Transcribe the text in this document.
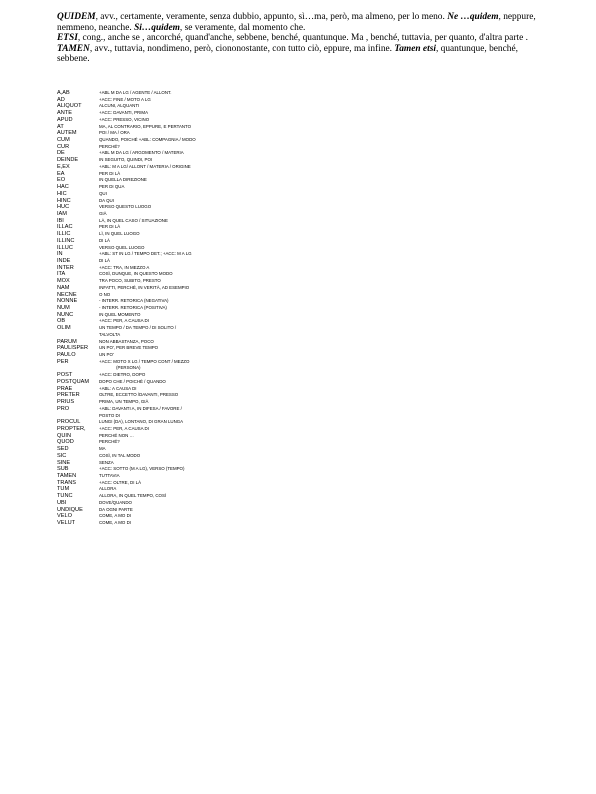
QUIDEM, avv., certamente, veramente, senza dubbio, appunto, sì…ma, però, ma almeno, per lo meno. Ne …quidem, neppure, nemmeno, neanche. Si…quidem, se veramente, dal momento che.

ETSI, cong., anche se , ancorché, quand'anche, sebbene, benché, quantunque. Ma , benché, tuttavia, per quanto, d'altra parte .

TAMEN, avv., tuttavia, nondimeno, però, ciononostante, con tutto ciò, eppure, ma infine. Tamen etsi, quantunque, benché, sebbene.

A,AB	+ABL M DA LG / AGENTE / ALLONT.
AD	+ACC: FINE / MOTO A LG
ALIQUOT	ALCUNI, ALQUANTI
ANTE	+ACC: DAVANTI, PRIMA
APUD	+ACC: PRESSO, VICINO
AT	MA, AL CONTRARIO, EPPURE, E PERTANTO
AUTEM	POI / MA / ORA
CUM	QUANDO, POICHÉ +ABL: COMPAGNIA / MODO
CUR	PERCHÉ?
DE	+ABL M DA LG / ARGOMENTO / MATERIA
DEINDE	IN SEGUITO, QUINDI, POI
E,EX	+ABL: M A LG/ ALLONT / MATERIA / ORIGINE
EA	PER DI LÀ
EO	IN QUELLA DIREZIONE
HAC	PER DI QUA
HIC	QUI
HINC	DA QUI
HUC	VERSO QUESTO LUOGO
IAM	GIÀ
IBI	LÀ, IN QUEL CASO / SITUAZIONE
ILLAC	PER DI LÀ
ILLIC	LÌ, IN QUEL LUOGO
ILLINC	DI LÀ
ILLUC	VERSO QUEL LUOGO
IN	+ABL: ST IN LG / TEMPO DET.; +ACC: M A LG
INDE	DI LÀ
INTER	+ACC: TRA, IN MEZZO A
ITA	COSÌ, DUNQUE, IN QUESTO MODO
MOX	TRA POCO, SUBITO, PRESTO
NAM	INFATTI, PERCHÉ, IN VERITÀ, AD ESEMPIO
NECNE	O NO
NONNE	- INTERR. RETORICA (NEGATIVA)
NUM	- INTERR. RETORICA (POSITIVA)
NUNC	IN QUEL MOMENTO
OB	+ACC: PER, A CAUSA DI
OLIM	UN TEMPO / DA TEMPO / DI SOLITO /
TALVOLTA
PARUM	NON ABBASTANZA, POCO
PAULISPER	UN PO', PER BREVE TEMPO
PAULO	UN PO'
PER	+ACC: MOTO X LG / TEMPO CONT / MEZZO
(PERSONA)
POST	+ACC: DIETRO, DOPO
POSTQUAM	DOPO CHE / POICHÉ / QUANDO
PRAE	+ABL: A CAUSA DI
PRETER	OLTRE, ECCETTO /DAVANTI, PRESSO
PRIUS	PRIMA, UN TEMPO, GIÀ
PRO	+ABL: DAVANTI A, IN DIFESA / FAVORE /
POSTO DI
PROCUL	LUNGI (DA), LONTANO, DI GRAN LUNGA
PROPTER,	+ACC: PER, A CAUSA DI
QUIN	PERCHÉ NON …
QUOD	PERCHÉ?
SED	MA
SIC	COSÌ, IN TAL MODO
SINE	SENZA
SUB	+ACC: SOTTO (M A LG), VERSO (TEMPO)
TAMEN	TUTTAVIA
TRANS	+ACC: OLTRE, DI LÀ
TUM	ALLORA
TUNC	ALLORA, IN QUEL TEMPO, COSÌ
UBI	DOVE/QUANDO
UNDIQUE	DA OGNI PARTE
VELO	COME, A MO DI
VELUT	COME, A MO DI
